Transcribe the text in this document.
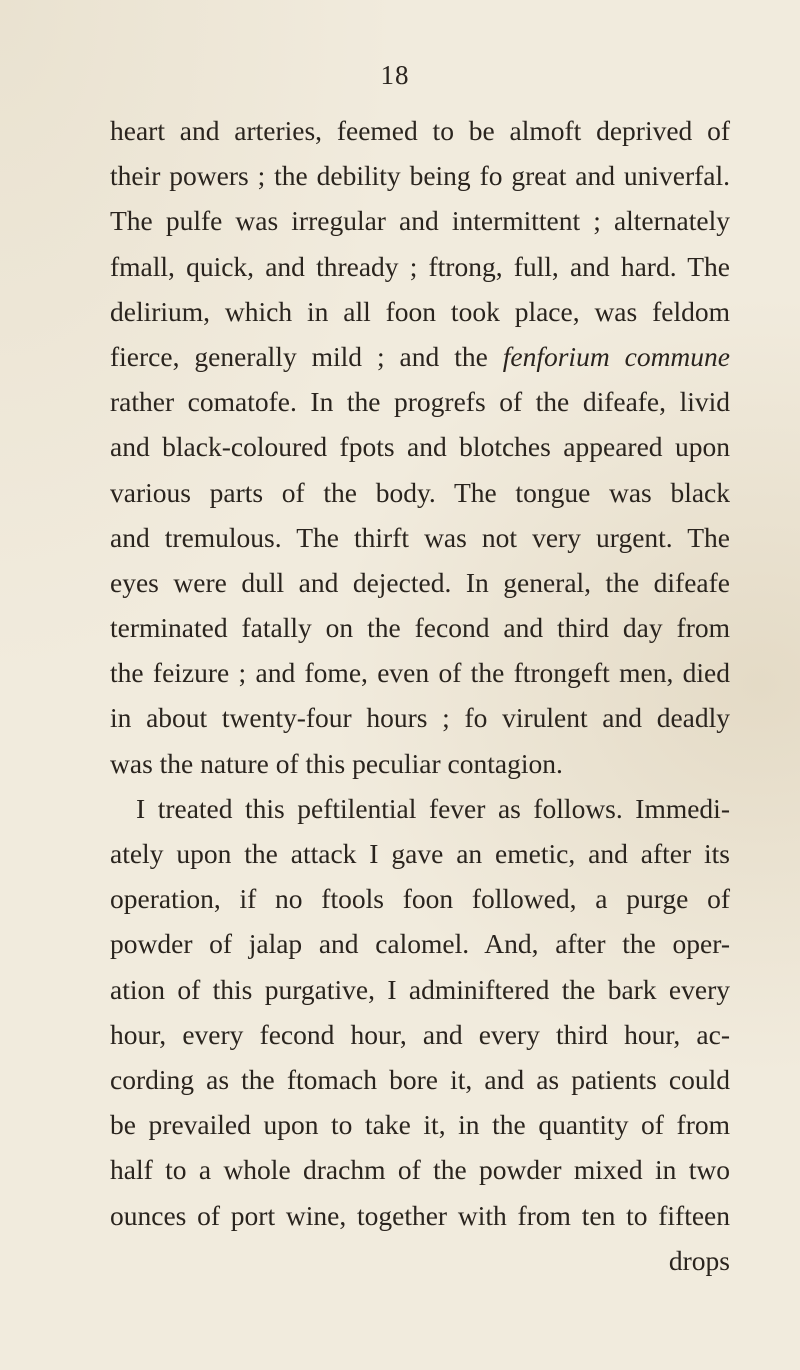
18
heart and arteries, feemed to be almoft deprived of
their powers ; the debility being fo great and univerfal.
The pulfe was irregular and intermittent ; alternately
fmall, quick, and thready ; ftrong, full, and hard. The
delirium, which in all foon took place, was feldom
fierce, generally mild ; and the fenforium commune
rather comatofe. In the progrefs of the difeafe, livid
and black-coloured fpots and blotches appeared upon
various parts of the body. The tongue was black
and tremulous. The thirft was not very urgent. The
eyes were dull and dejected. In general, the difeafe
terminated fatally on the fecond and third day from
the feizure ; and fome, even of the ftrongeft men, died
in about twenty-four hours ; fo virulent and deadly
was the nature of this peculiar contagion.
I treated this peftilential fever as follows. Immedi-
ately upon the attack I gave an emetic, and after its
operation, if no ftools foon followed, a purge of
powder of jalap and calomel. And, after the oper-
ation of this purgative, I adminiftered the bark every
hour, every fecond hour, and every third hour, ac-
cording as the ftomach bore it, and as patients could
be prevailed upon to take it, in the quantity of from
half to a whole drachm of the powder mixed in two
ounces of port wine, together with from ten to fifteen
drops
